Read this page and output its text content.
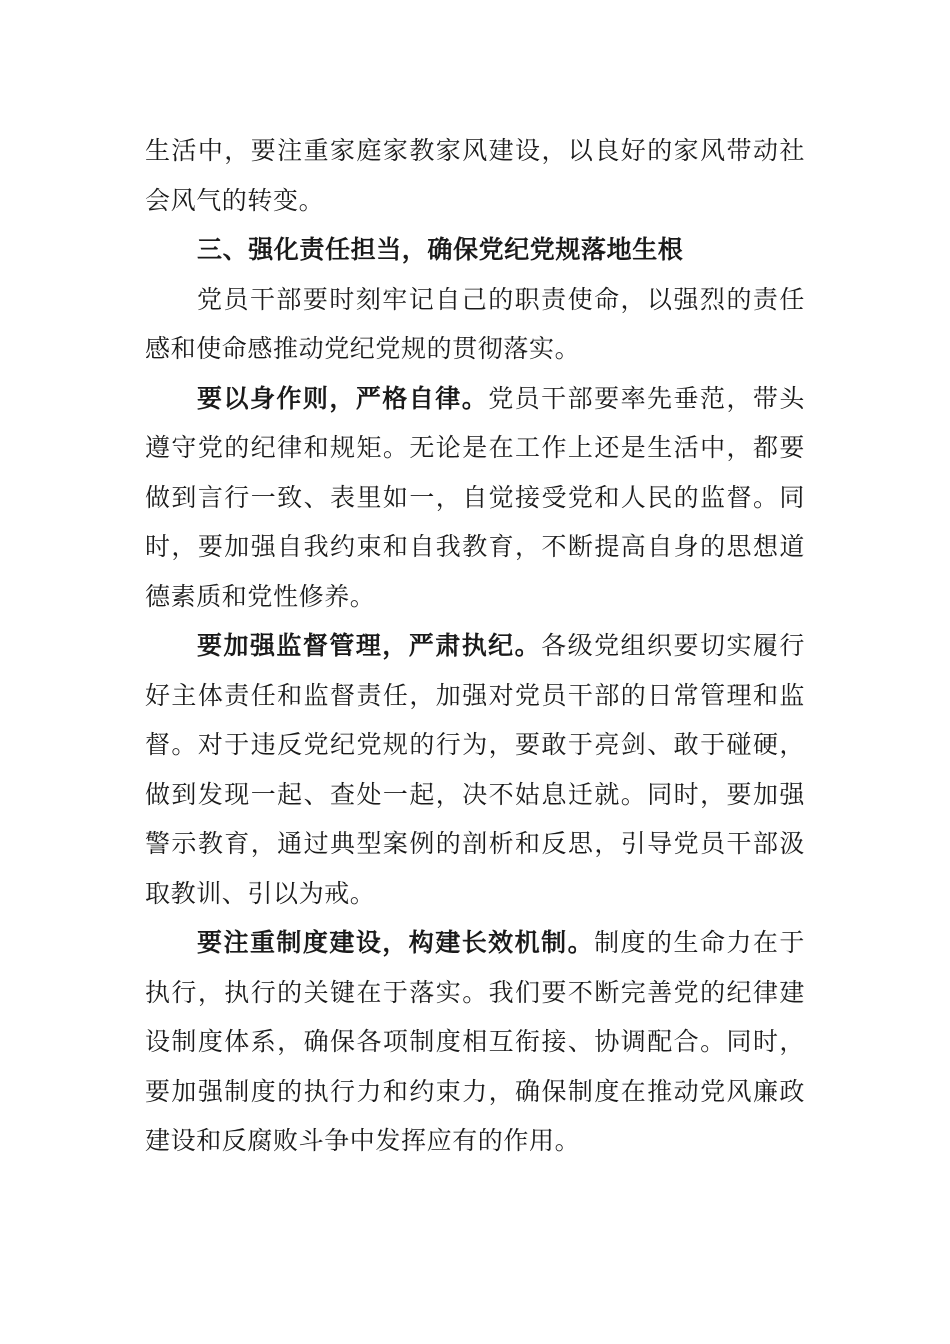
生活中，要注重家庭家教家风建设，以良好的家风带动社会风气的转变。

三、强化责任担当，确保党纪党规落地生根

党员干部要时刻牢记自己的职责使命，以强烈的责任感和使命感推动党纪党规的贯彻落实。

要以身作则，严格自律。党员干部要率先垂范，带头遵守党的纪律和规矩。无论是在工作上还是生活中，都要做到言行一致、表里如一，自觉接受党和人民的监督。同时，要加强自我约束和自我教育，不断提高自身的思想道德素质和党性修养。

要加强监督管理，严肃执纪。各级党组织要切实履行好主体责任和监督责任，加强对党员干部的日常管理和监督。对于违反党纪党规的行为，要敢于亮剑、敢于碰硬，做到发现一起、查处一起，决不姑息迁就。同时，要加强警示教育，通过典型案例的剖析和反思，引导党员干部汲取教训、引以为戒。

要注重制度建设，构建长效机制。制度的生命力在于执行，执行的关键在于落实。我们要不断完善党的纪律建设制度体系，确保各项制度相互衔接、协调配合。同时，要加强制度的执行力和约束力，确保制度在推动党风廉政建设和反腐败斗争中发挥应有的作用。
